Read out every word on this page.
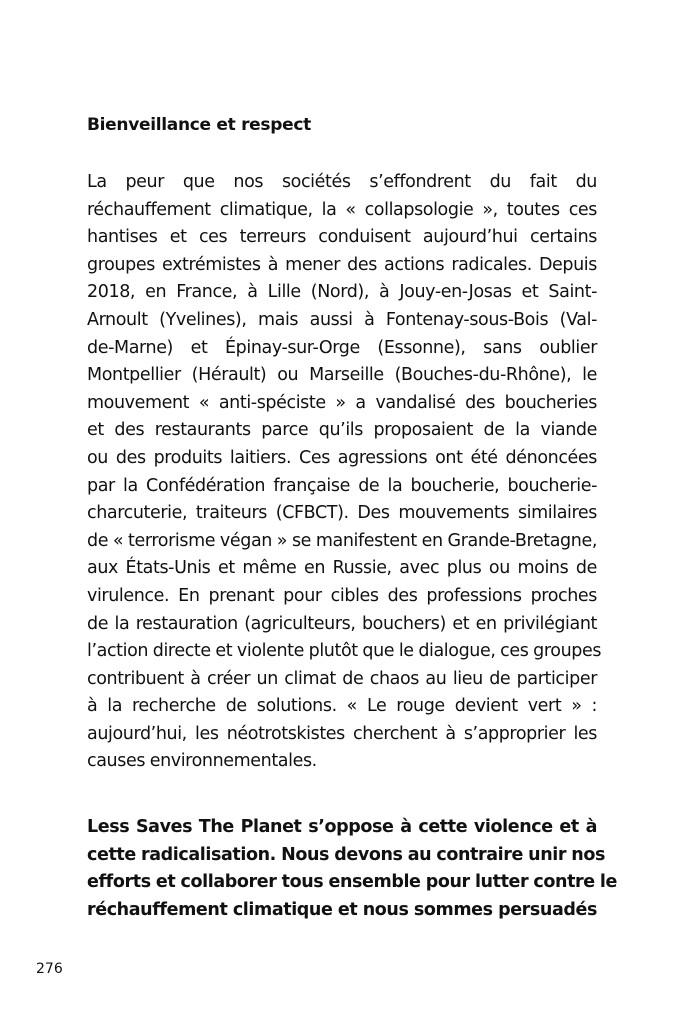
Bienveillance et respect
La peur que nos sociétés s’effondrent du fait du
réchauffement climatique, la « collapsologie », toutes ces
hantises et ces terreurs conduisent aujourd’hui certains
groupes extrémistes à mener des actions radicales. Depuis
2018, en France, à Lille (Nord), à Jouy-en-Josas et Saint-
Arnoult (Yvelines), mais aussi à Fontenay-sous-Bois (Val-
de-Marne) et Épinay-sur-Orge (Essonne), sans oublier
Montpellier (Hérault) ou Marseille (Bouches-du-Rhône), le
mouvement « anti-spéciste » a vandalisé des boucheries
et des restaurants parce qu’ils proposaient de la viande
ou des produits laitiers. Ces agressions ont été dénoncées
par la Confédération française de la boucherie, boucherie-
charcuterie, traiteurs (CFBCT). Des mouvements similaires
de « terrorisme végan » se manifestent en Grande-Bretagne,
aux États-Unis et même en Russie, avec plus ou moins de
virulence. En prenant pour cibles des professions proches
de la restauration (agriculteurs, bouchers) et en privilégiant
l’action directe et violente plutôt que le dialogue, ces groupes
contribuent à créer un climat de chaos au lieu de participer
à la recherche de solutions. « Le rouge devient vert » :
aujourd’hui, les néotrotskistes cherchent à s’approprier les
causes environnementales.
Less Saves The Planet s’oppose à cette violence et à
cette radicalisation. Nous devons au contraire unir nos
efforts et collaborer tous ensemble pour lutter contre le
réchauffement climatique et nous sommes persuadés
276
